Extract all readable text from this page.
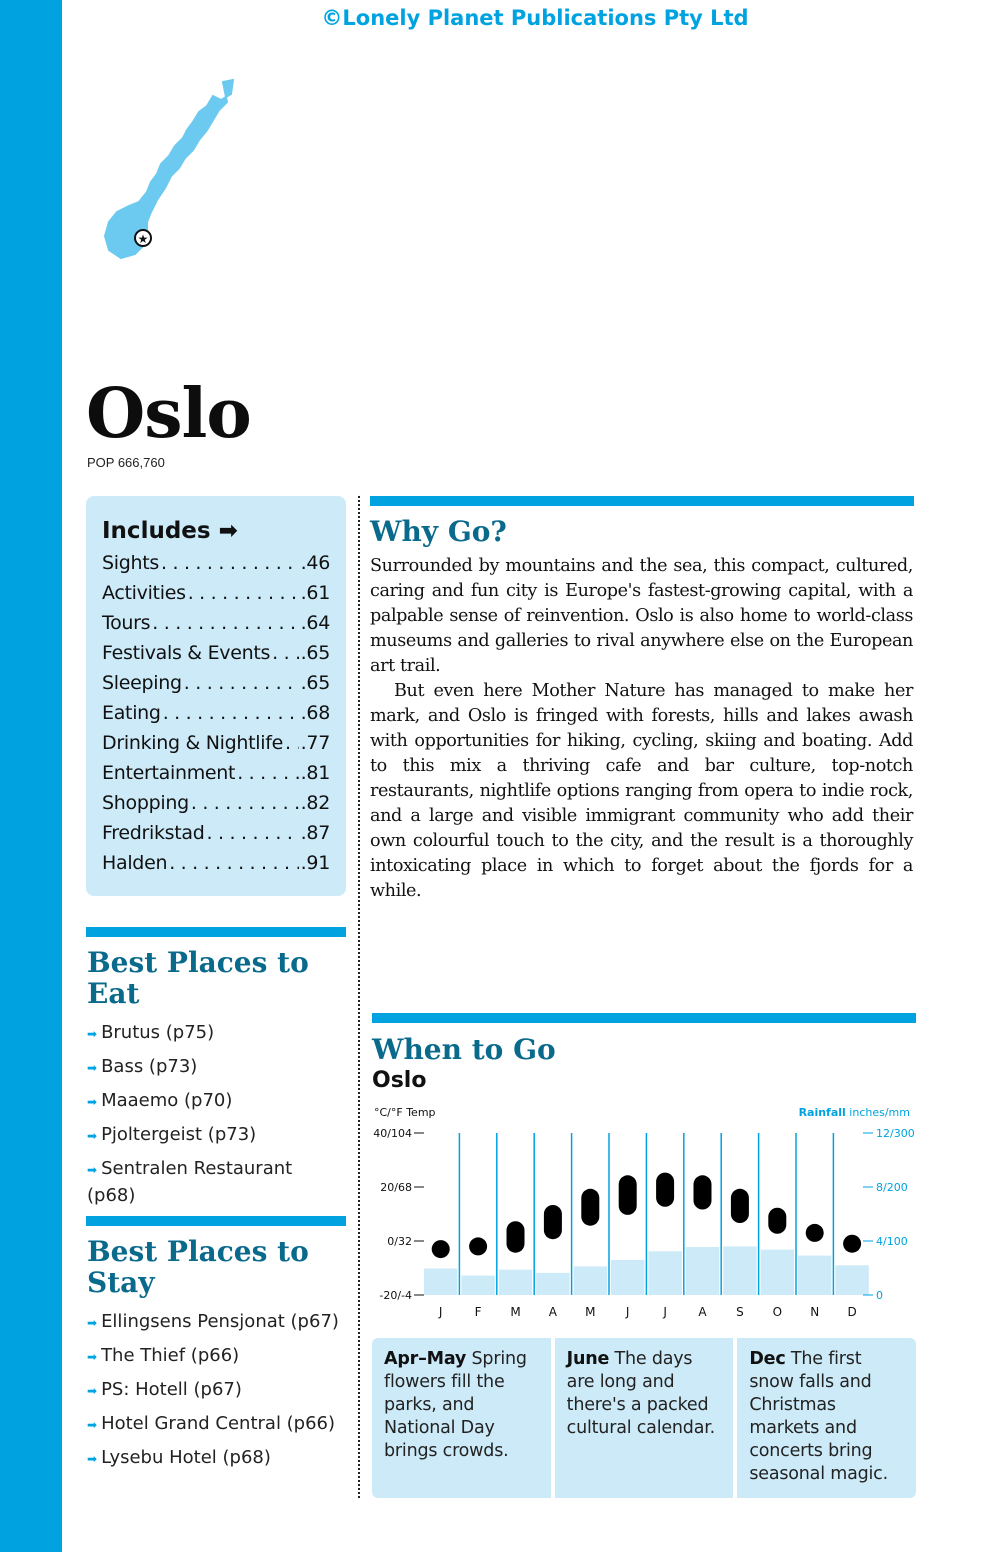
©Lonely Planet Publications Pty Ltd
★
Oslo
POP 666,760
Includes ➡
Sights . . .	.46
Activities . . .	.61
Tours . . .	.64
Festivals & Events . . . .65
Sleeping . . .	.65
Eating . . .	.68
Drinking & Nightlife . . . .77
Entertainment . . .	.81
Shopping . . .	.82
Fredrikstad . . .	.87
Halden . . .	.91
Best Places to Eat
➡ Brutus (p75)
➡ Bass (p73)
➡ Maaemo (p70)
➡ Pjoltergeist (p73)
➡ Sentralen Restaurant (p68)
Best Places to Stay
➡ Ellingsens Pensjonat (p67)
➡ The Thief (p66)
➡ PS: Hotell (p67)
➡ Hotel Grand Central (p66)
➡ Lysebu Hotel (p68)
Why Go?

Surrounded by mountains and the sea, this compact, cultured, caring and fun city is Europe's fastest-growing capital, with a palpable sense of reinvention. Oslo is also home to world-class museums and galleries to rival anywhere else on the European art trail.

But even here Mother Nature has managed to make her mark, and Oslo is fringed with forests, hills and lakes awash with opportunities for hiking, cycling, skiing and boating. Add to this mix a thriving cafe and bar culture, top-notch restaurants, nightlife options ranging from opera to indie rock, and a large and visible immigrant community who add their own colourful touch to the city, and the result is a thoroughly intoxicating place in which to forget about the fjords for a while.

When to Go
Oslo
°C/°F Temp	Rainfall inches/mm
40/104
20/68
0/32
-20/-4
12/300
8/200
4/100
0
J	F M A M	J	J	A S O N D
Apr–May Spring flowers fill the parks, and National Day brings crowds.
June The days are long and there's a packed cultural calendar.
Dec The first snow falls and Christmas markets and concerts bring seasonal magic.
